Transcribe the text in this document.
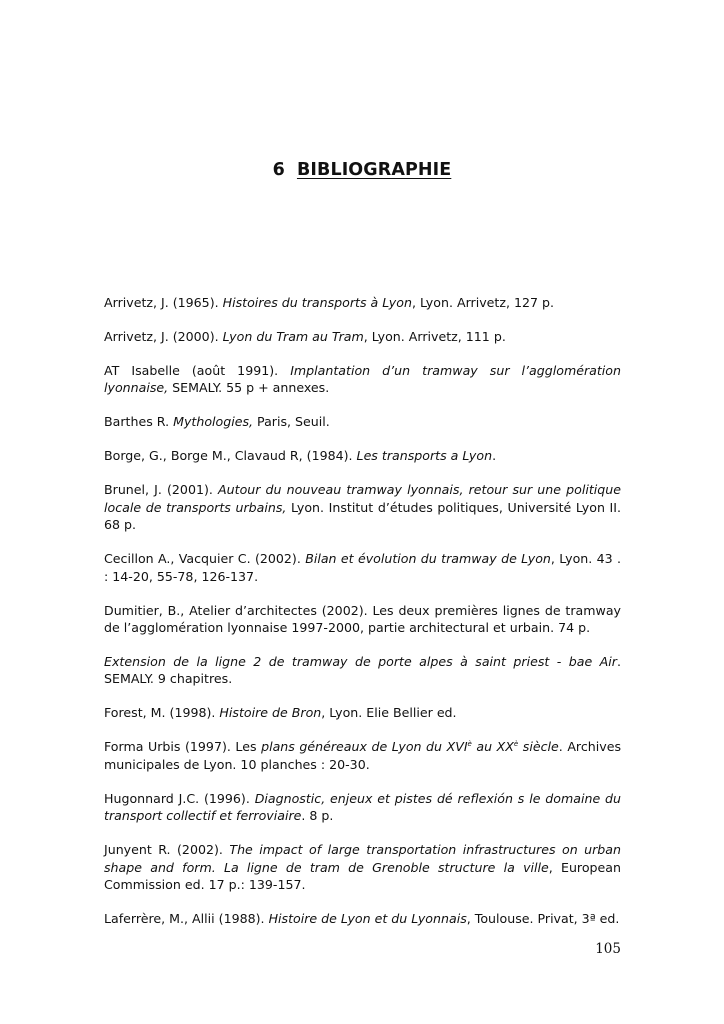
6 BIBLIOGRAPHIE

Arrivetz, J. (1965). Histoires du transports à Lyon, Lyon. Arrivetz, 127 p.

Arrivetz, J. (2000). Lyon du Tram au Tram, Lyon. Arrivetz, 111 p.

AT Isabelle (août 1991). Implantation d’un tramway sur l’agglomération lyonnaise, SEMALY. 55 p + annexes.

Barthes R. Mythologies, Paris, Seuil.

Borge, G., Borge M., Clavaud R, (1984). Les transports a Lyon.

Brunel, J. (2001). Autour du nouveau tramway lyonnais, retour sur une politique locale de transports urbains, Lyon. Institut d’études politiques, Université Lyon II. 68 p.

Cecillon A., Vacquier C. (2002). Bilan et évolution du tramway de Lyon, Lyon. 43 . : 14-20, 55-78, 126-137.

Dumitier, B., Atelier d’architectes (2002). Les deux premières lignes de tramway de l’agglomération lyonnaise 1997-2000, partie architectural et urbain. 74 p.

Extension de la ligne 2 de tramway de porte alpes à saint priest - bae Air. SEMALY. 9 chapitres.

Forest, M. (1998). Histoire de Bron, Lyon. Elie Bellier ed.

Forma Urbis (1997). Les plans généreaux de Lyon du $XVI^è$ au $XX^è$ siècle. Archives municipales de Lyon. 10 planches : 20-30.

Hugonnard J.C. (1996). Diagnostic, enjeux et pistes dé reflexión s le domaine du transport collectif et ferroviaire. 8 p.

Junyent R. (2002). The impact of large transportation infrastructures on urban shape and form. La ligne de tram de Grenoble structure la ville, European Commission ed. 17 p.: 139-157.

Laferrère, M., Allii (1988). Histoire de Lyon et du Lyonnais, Toulouse. Privat, 3ª ed.

105
